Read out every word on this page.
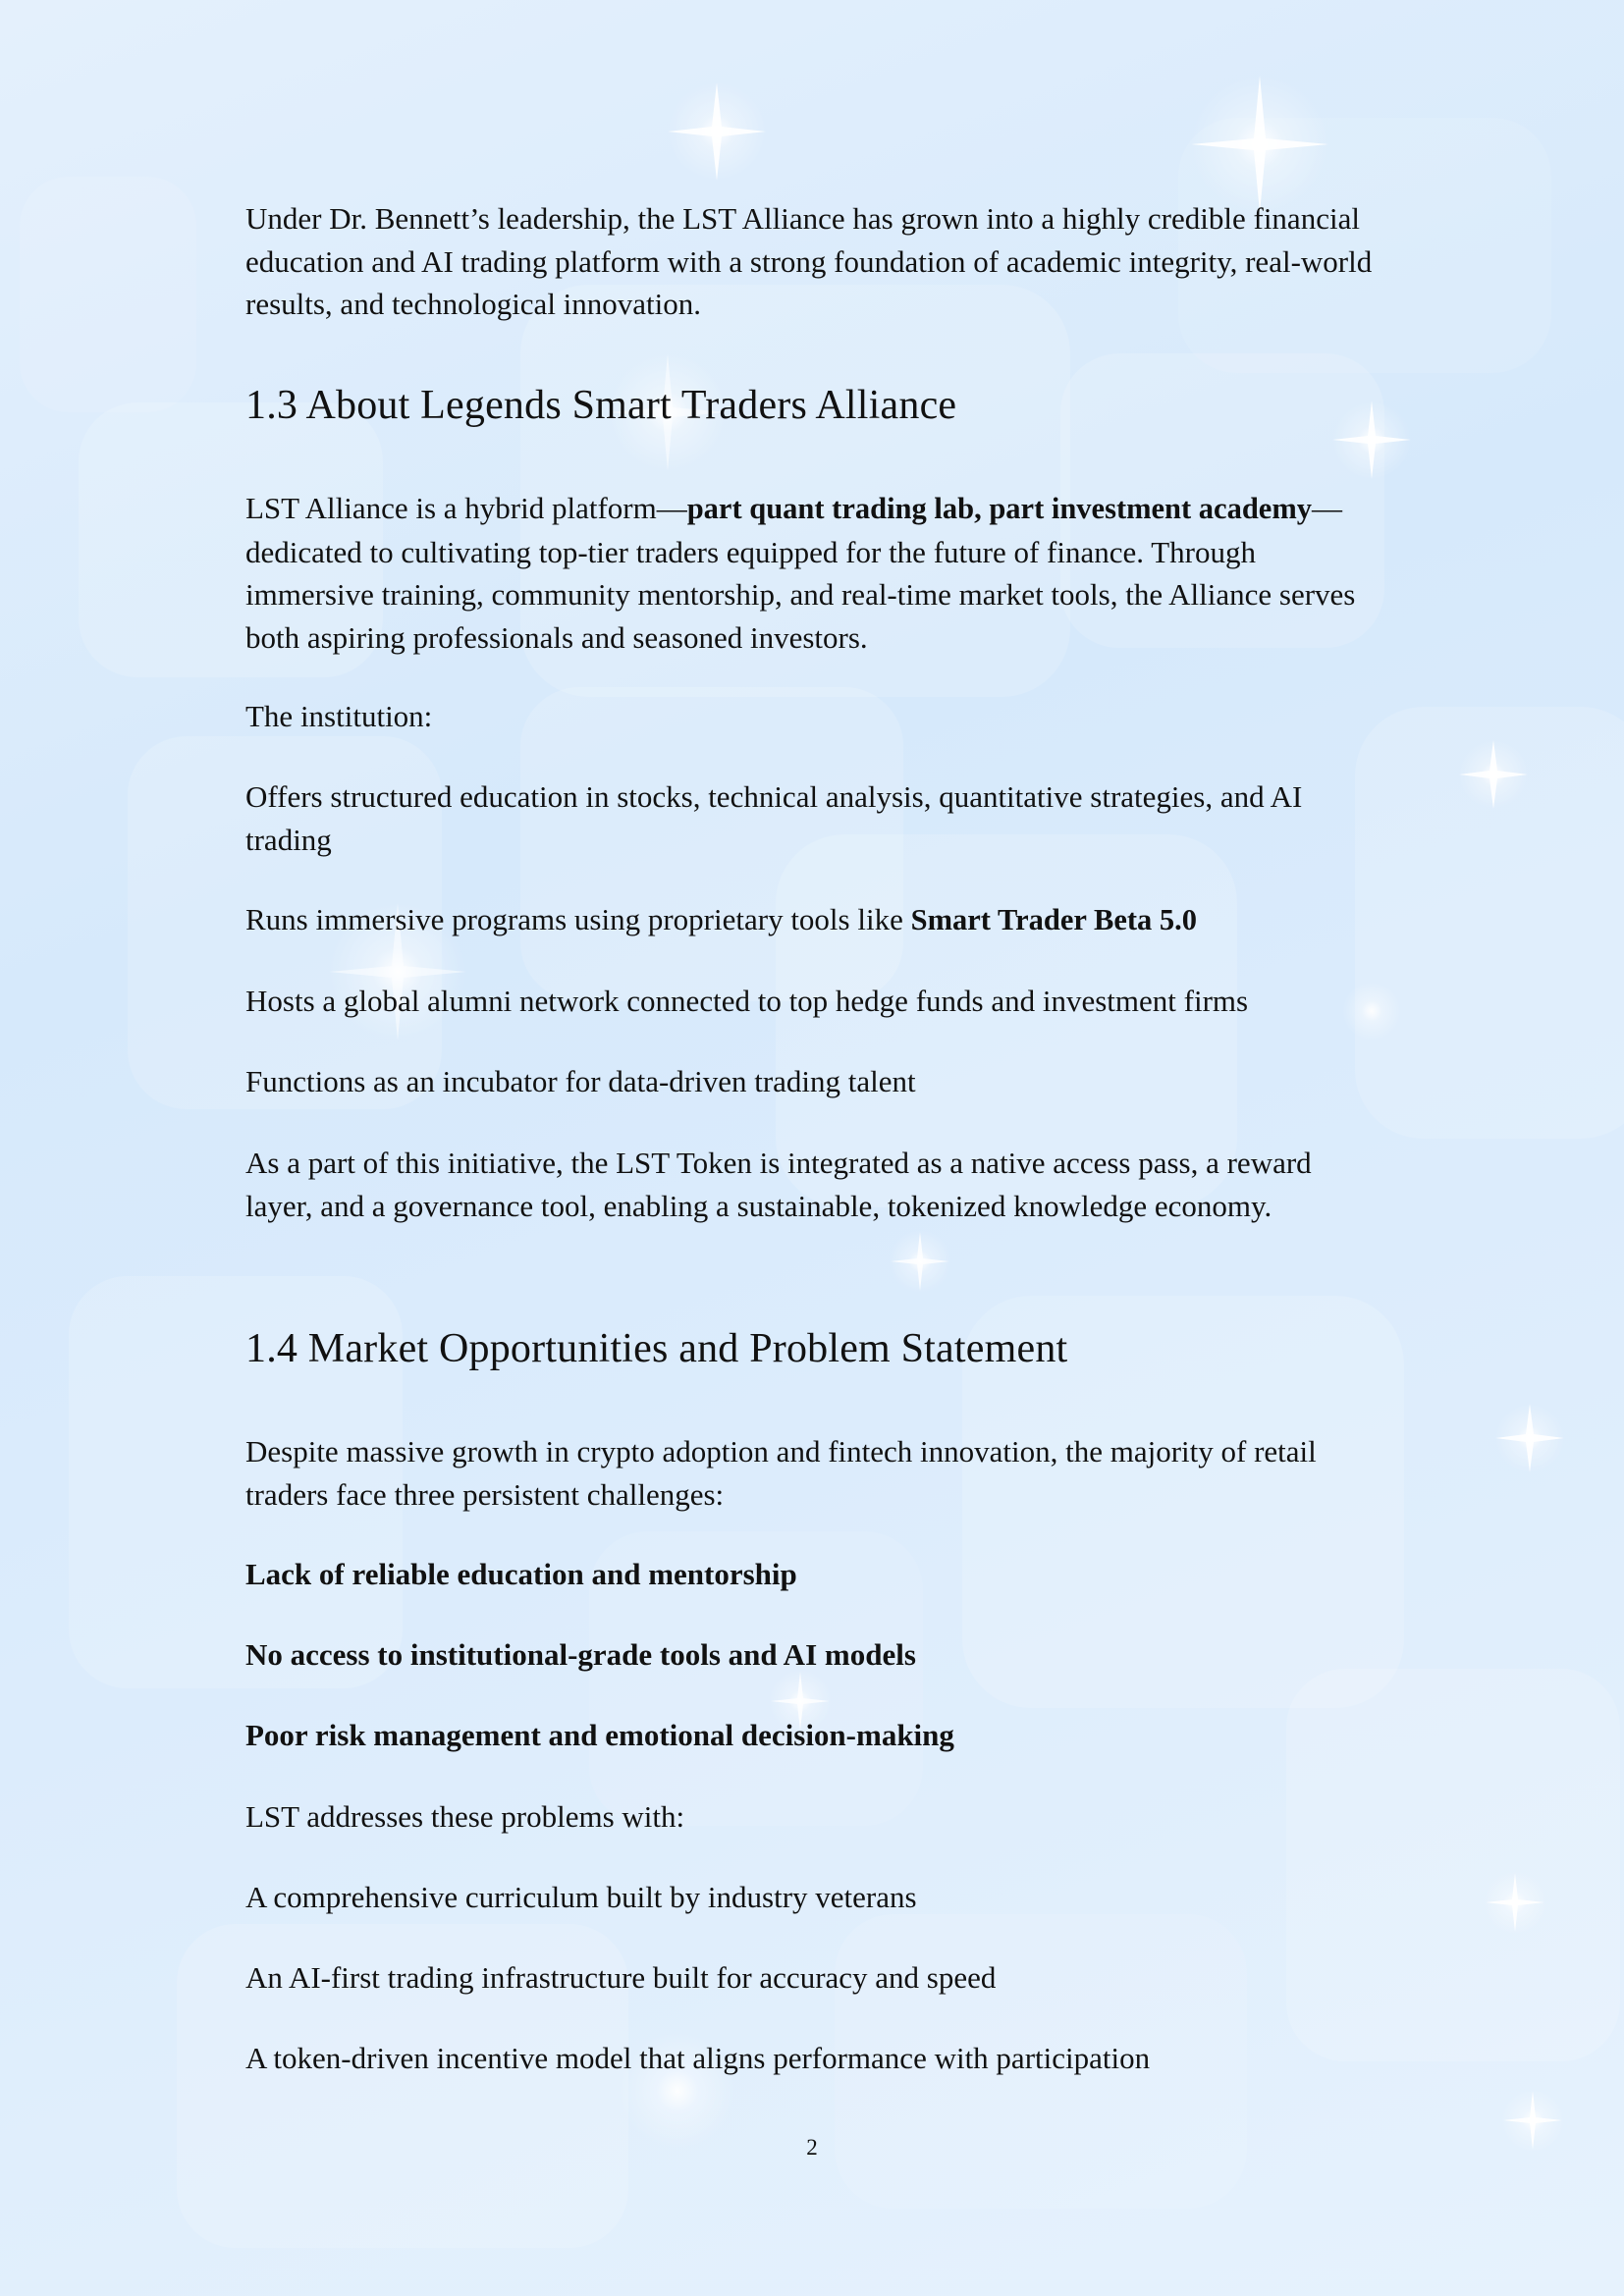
Under Dr. Bennett’s leadership, the LST Alliance has grown into a highly credible financial education and AI trading platform with a strong foundation of academic integrity, real-world results, and technological innovation.

1.3 About Legends Smart Traders Alliance

LST Alliance is a hybrid platform—part quant trading lab, part investment academy—dedicated to cultivating top-tier traders equipped for the future of finance. Through immersive training, community mentorship, and real-time market tools, the Alliance serves both aspiring professionals and seasoned investors.

The institution:

Offers structured education in stocks, technical analysis, quantitative strategies, and AI trading

Runs immersive programs using proprietary tools like Smart Trader Beta 5.0

Hosts a global alumni network connected to top hedge funds and investment firms

Functions as an incubator for data-driven trading talent

As a part of this initiative, the LST Token is integrated as a native access pass, a reward layer, and a governance tool, enabling a sustainable, tokenized knowledge economy.

1.4 Market Opportunities and Problem Statement

Despite massive growth in crypto adoption and fintech innovation, the majority of retail traders face three persistent challenges:

Lack of reliable education and mentorship

No access to institutional-grade tools and AI models

Poor risk management and emotional decision-making

LST addresses these problems with:

A comprehensive curriculum built by industry veterans

An AI-first trading infrastructure built for accuracy and speed

A token-driven incentive model that aligns performance with participation

2
